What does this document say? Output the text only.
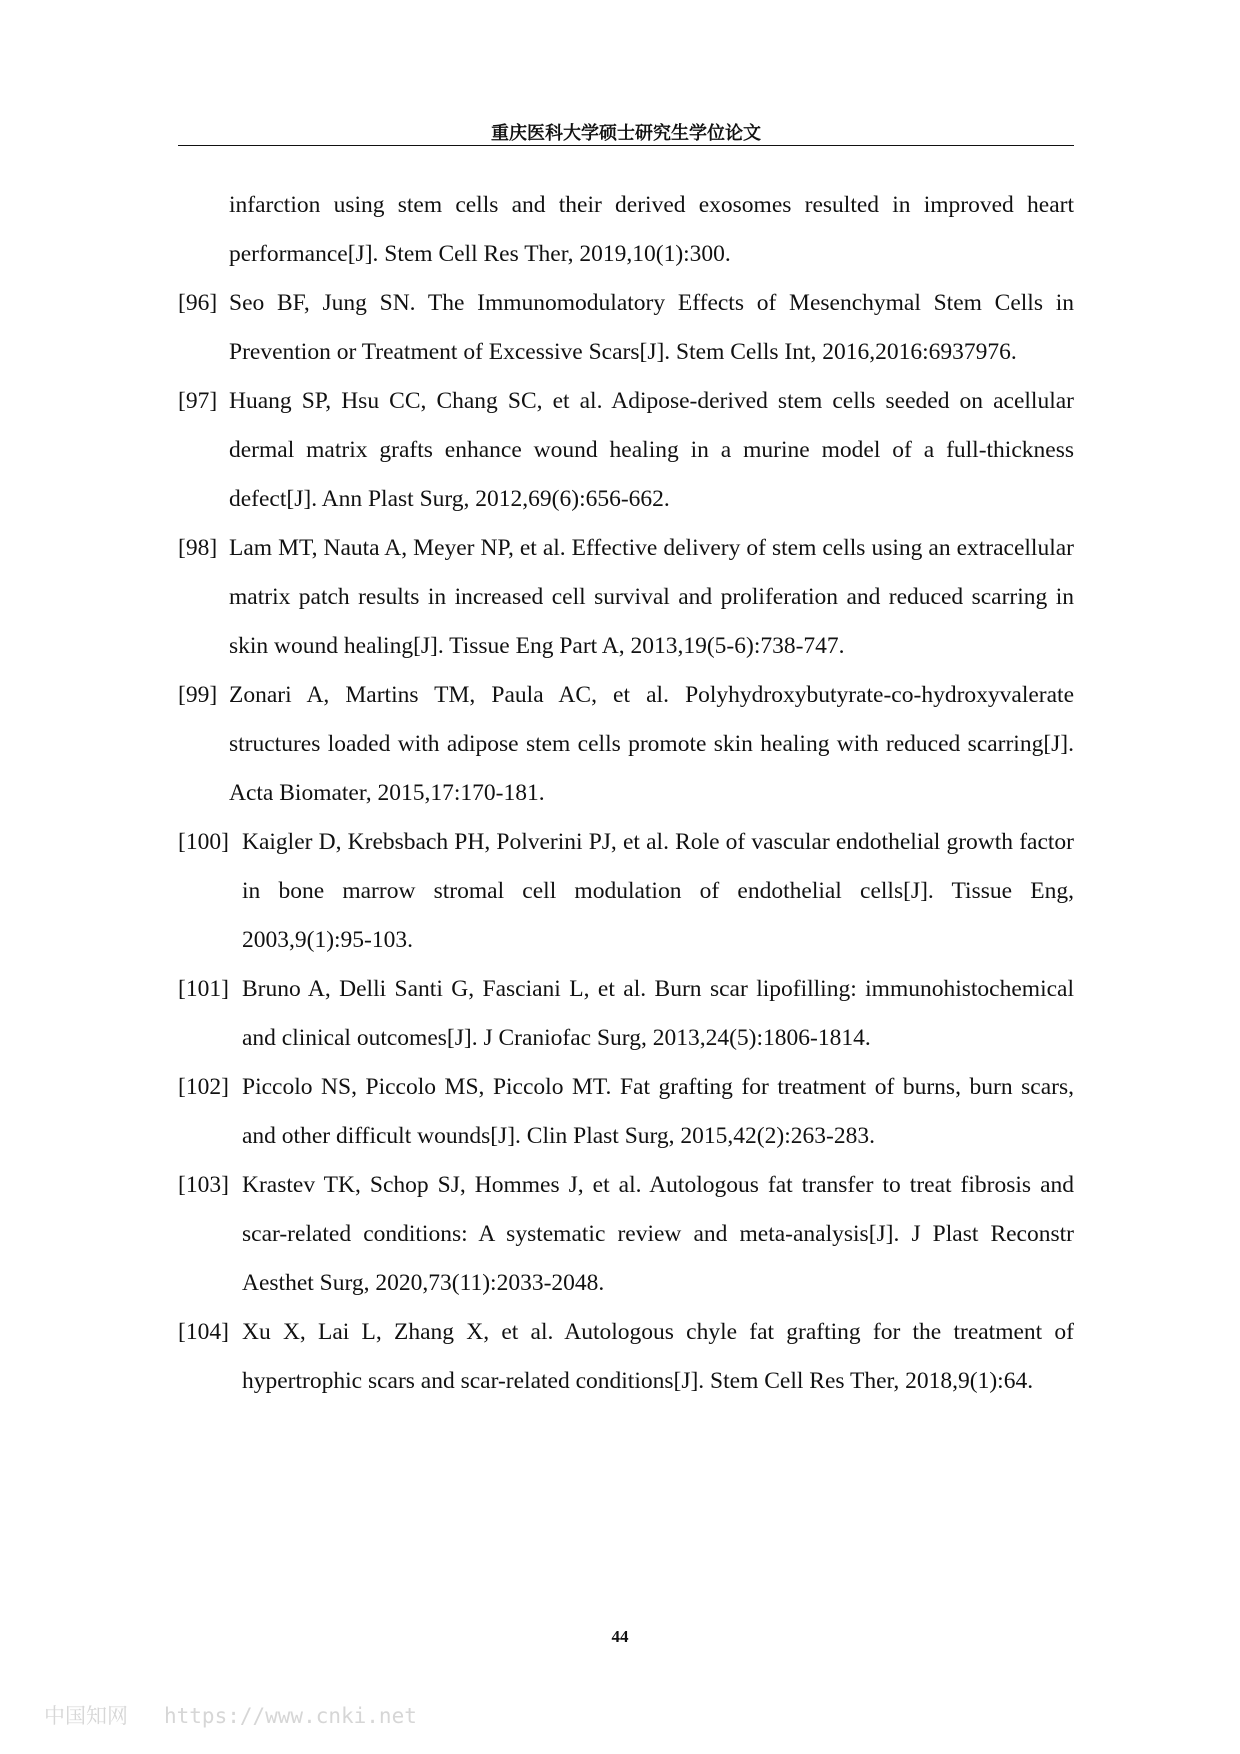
重庆医科大学硕士研究生学位论文
infarction using stem cells and their derived exosomes resulted in improved heart performance[J]. Stem Cell Res Ther, 2019,10(1):300.
[96] Seo BF, Jung SN. The Immunomodulatory Effects of Mesenchymal Stem Cells in Prevention or Treatment of Excessive Scars[J]. Stem Cells Int, 2016,2016:6937976.
[97] Huang SP, Hsu CC, Chang SC, et al. Adipose-derived stem cells seeded on acellular dermal matrix grafts enhance wound healing in a murine model of a full-thickness defect[J]. Ann Plast Surg, 2012,69(6):656-662.
[98] Lam MT, Nauta A, Meyer NP, et al. Effective delivery of stem cells using an extracellular matrix patch results in increased cell survival and proliferation and reduced scarring in skin wound healing[J]. Tissue Eng Part A, 2013,19(5-6):738-747.
[99] Zonari A, Martins TM, Paula AC, et al. Polyhydroxybutyrate-co-hydroxyvalerate structures loaded with adipose stem cells promote skin healing with reduced scarring[J]. Acta Biomater, 2015,17:170-181.
[100] Kaigler D, Krebsbach PH, Polverini PJ, et al. Role of vascular endothelial growth factor in bone marrow stromal cell modulation of endothelial cells[J]. Tissue Eng, 2003,9(1):95-103.
[101] Bruno A, Delli Santi G, Fasciani L, et al. Burn scar lipofilling: immunohistochemical and clinical outcomes[J]. J Craniofac Surg, 2013,24(5):1806-1814.
[102] Piccolo NS, Piccolo MS, Piccolo MT. Fat grafting for treatment of burns, burn scars, and other difficult wounds[J]. Clin Plast Surg, 2015,42(2):263-283.
[103] Krastev TK, Schop SJ, Hommes J, et al. Autologous fat transfer to treat fibrosis and scar-related conditions: A systematic review and meta-analysis[J]. J Plast Reconstr Aesthet Surg, 2020,73(11):2033-2048.
[104] Xu X, Lai L, Zhang X, et al. Autologous chyle fat grafting for the treatment of hypertrophic scars and scar-related conditions[J]. Stem Cell Res Ther, 2018,9(1):64.
44
中国知网 https://www.cnki.net
